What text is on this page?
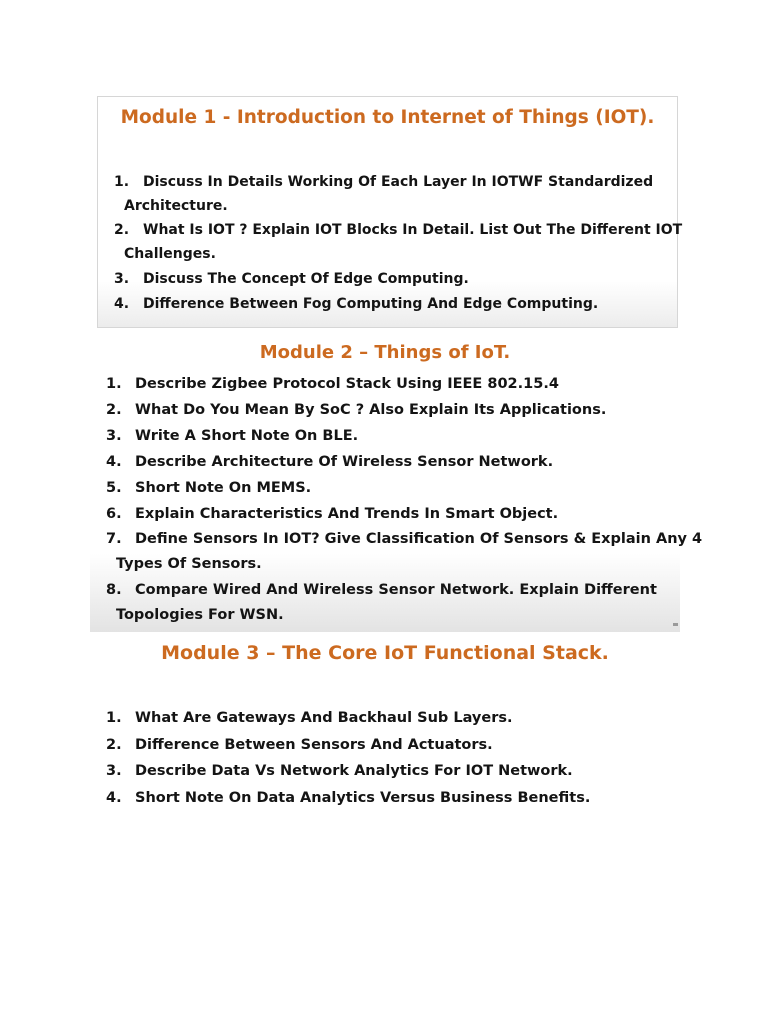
Module 1 - Introduction to Internet of Things (IOT).
1. Discuss In Details Working Of Each Layer In IOTWF Standardized
Architecture.
2. What Is IOT ? Explain IOT Blocks In Detail. List Out The Different IOT
Challenges.
3. Discuss The Concept Of Edge Computing.
4. Difference Between Fog Computing And Edge Computing.
Module 2 – Things of IoT.
1. Describe Zigbee Protocol Stack Using IEEE 802.15.4
2. What Do You Mean By SoC ? Also Explain Its Applications.
3. Write A Short Note On BLE.
4. Describe Architecture Of Wireless Sensor Network.
5. Short Note On MEMS.
6. Explain Characteristics And Trends In Smart Object.
7. Define Sensors In IOT? Give Classification Of Sensors & Explain Any 4
Types Of Sensors.
8. Compare Wired And Wireless Sensor Network. Explain Different
Topologies For WSN.
Module 3 – The Core IoT Functional Stack.
1. What Are Gateways And Backhaul Sub Layers.
2. Difference Between Sensors And Actuators.
3. Describe Data Vs Network Analytics For IOT Network.
4. Short Note On Data Analytics Versus Business Benefits.
